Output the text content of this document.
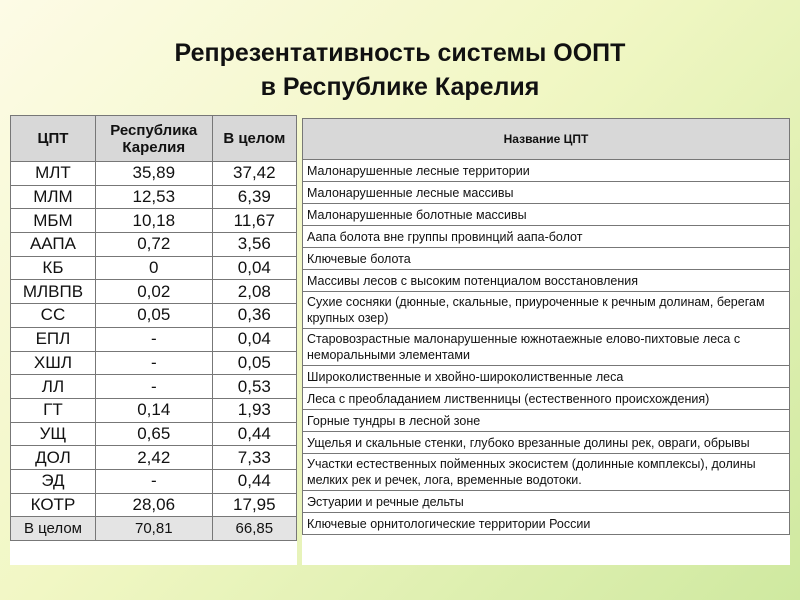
Репрезентативность системы ООПТ
в Республике Карелия
ЦПТ	Республика Карелия	В целом
МЛТ	35,89	37,42
МЛМ	12,53	6,39
МБМ	10,18	11,67
ААПА	0,72	3,56
КБ	0	0,04
МЛВПВ	0,02	2,08
СС	0,05	0,36
ЕПЛ	-	0,04
ХШЛ	-	0,05
ЛЛ	-	0,53
ГТ	0,14	1,93
УЩ	0,65	0,44
ДОЛ	2,42	7,33
ЭД	-	0,44
КОТР	28,06	17,95
В целом	70,81	66,85
Название ЦПТ
Малонарушенные лесные территории
Малонарушенные лесные массивы
Малонарушенные болотные массивы
Аапа болота вне группы провинций аапа-болот
Ключевые болота
Массивы лесов с высоким потенциалом восстановления
Сухие сосняки (дюнные, скальные, приуроченные к речным долинам, берегам крупных озер)
Старовозрастные малонарушенные южнотаежные елово-пихтовые леса с неморальными элементами
Широколиственные и хвойно-широколиственные леса
Леса с преобладанием лиственницы (естественного происхождения)
Горные тундры в лесной зоне
Ущелья и скальные стенки, глубоко врезанные долины рек, овраги, обрывы
Участки естественных пойменных экосистем (долинные комплексы), долины мелких рек и речек, лога, временные водотоки.
Эстуарии и речные дельты
Ключевые орнитологические территории России
